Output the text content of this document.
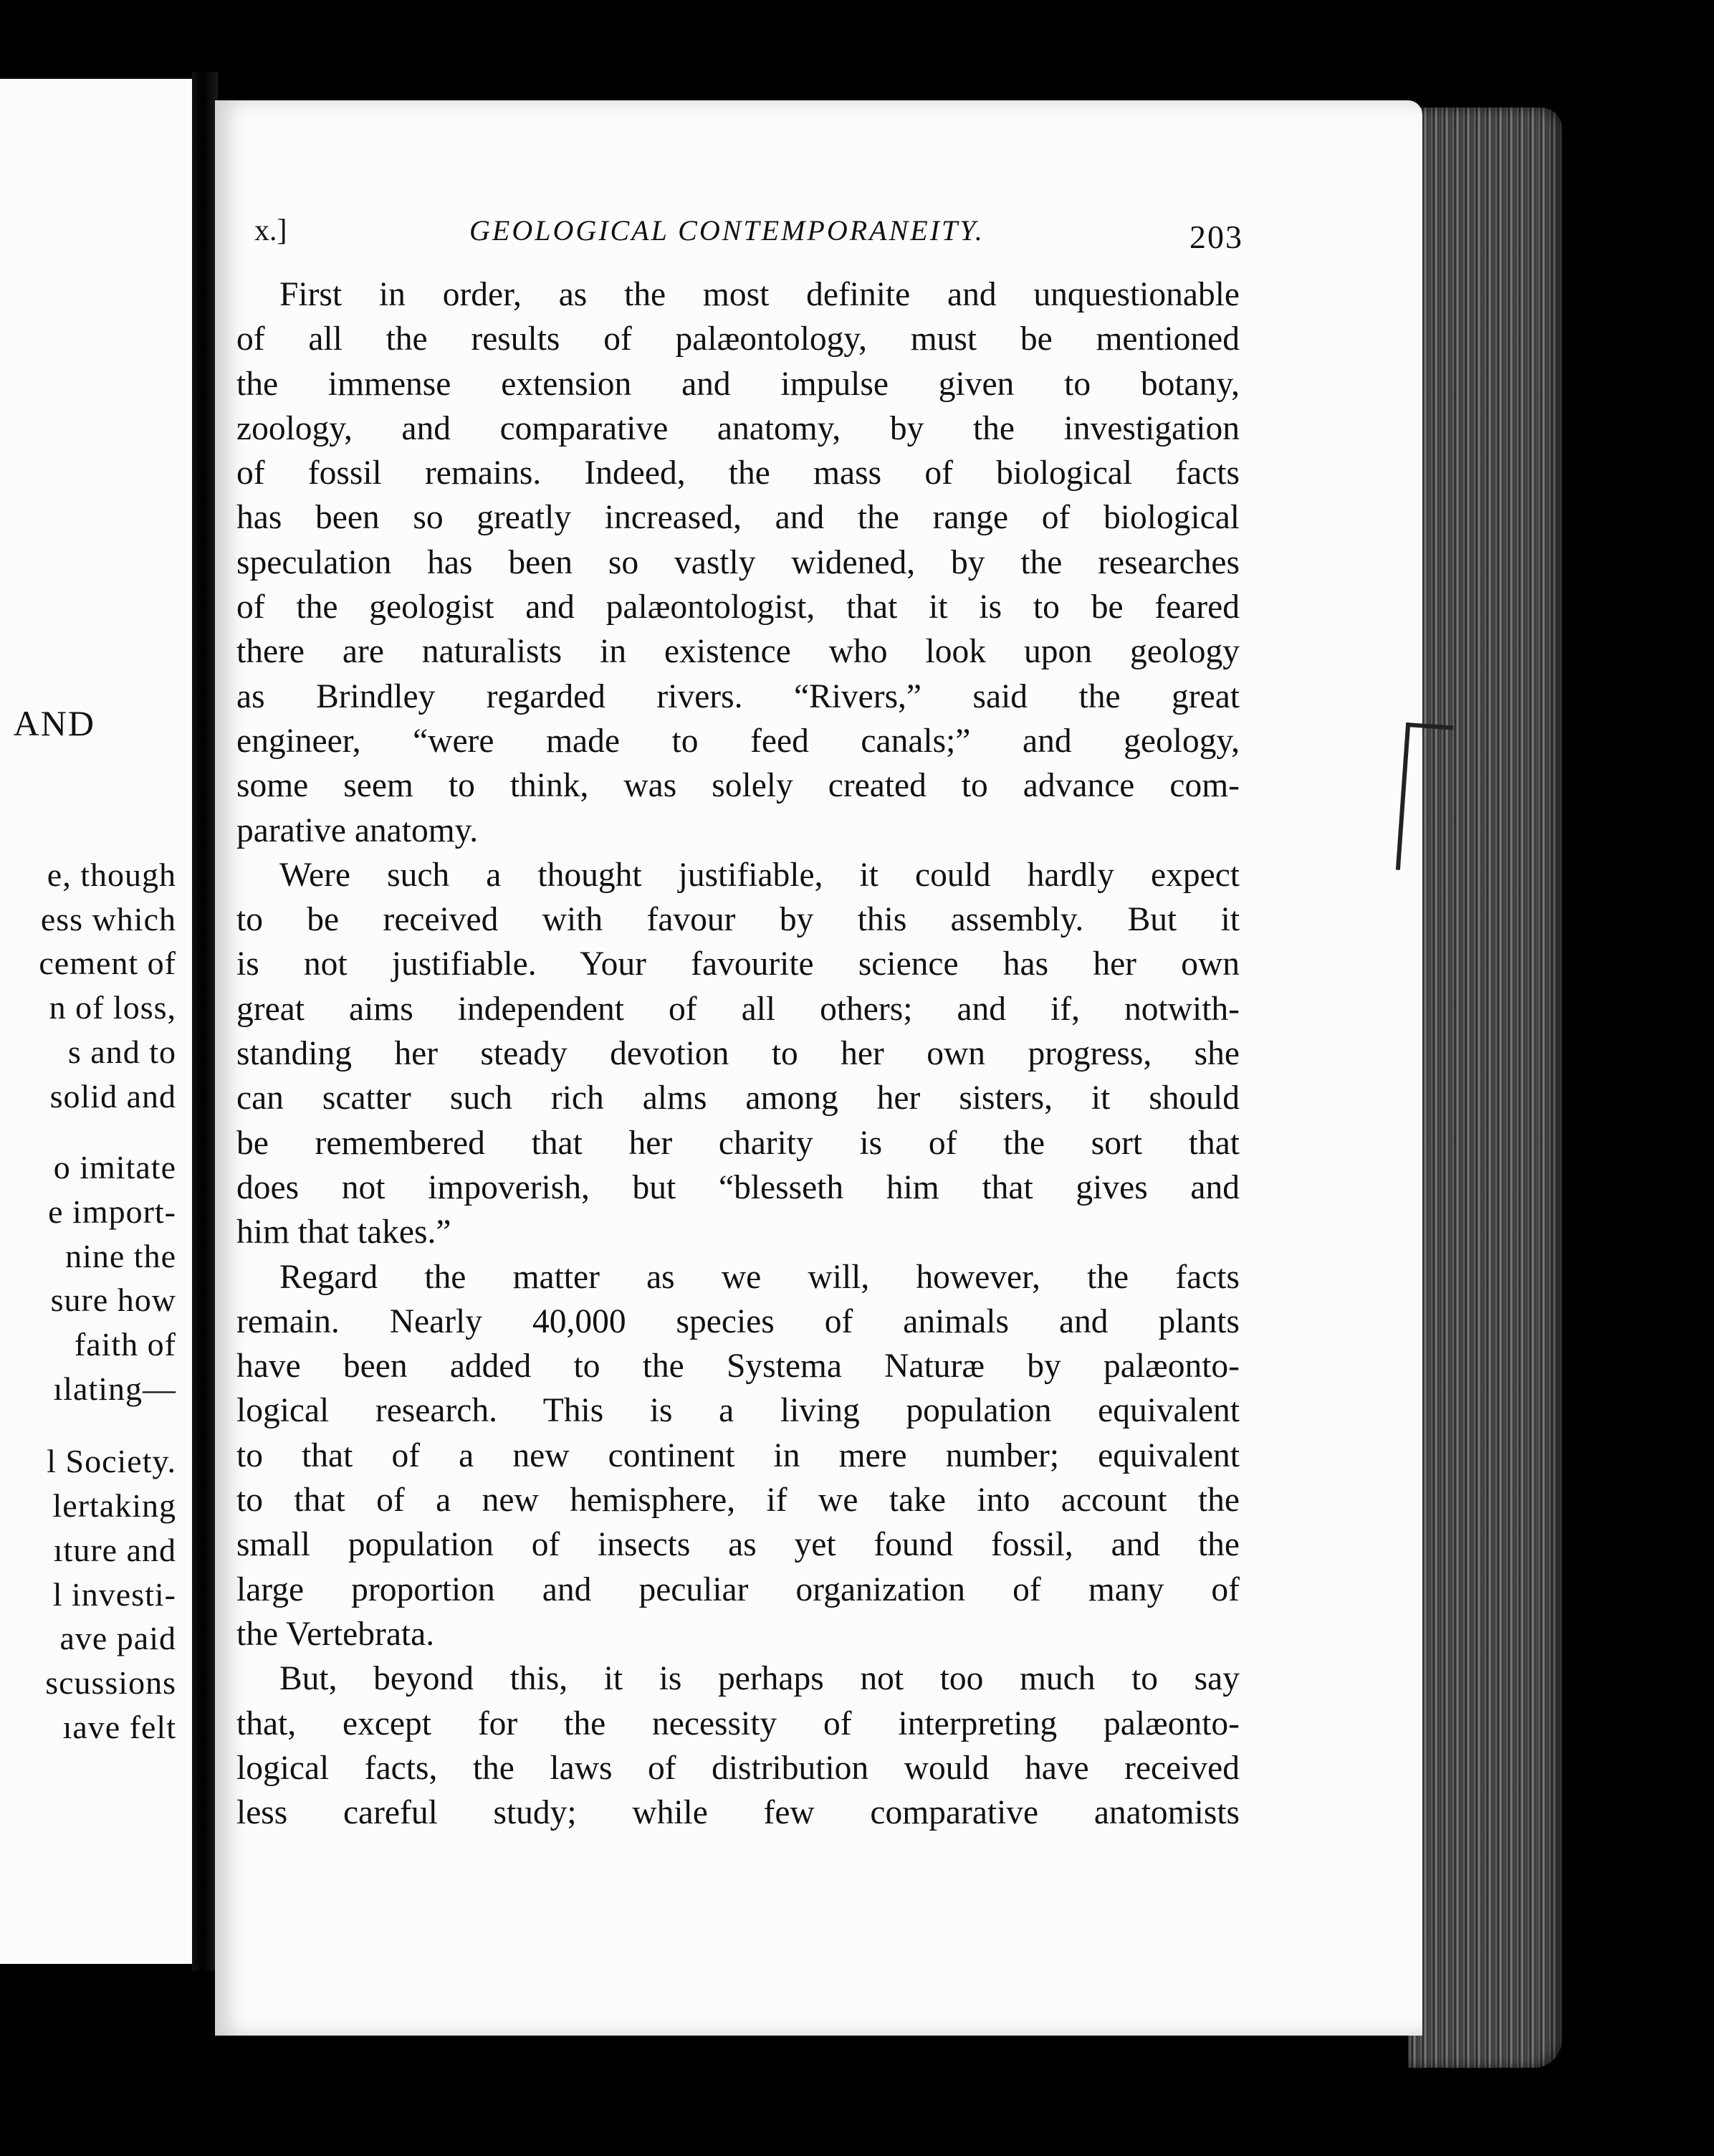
AND
e, though
ess which
cement of
n of loss,
s and to
solid and
o imitate
e import-
nine the
sure how
faith of
ılating—
l Society.
lertaking
ıture and
l investi-
ave paid
scussions
ıave felt
x.]	GEOLOGICAL CONTEMPORANEITY.	203
First in order, as the most definite and unquestionable
of all the results of palæontology, must be mentioned
the immense extension and impulse given to botany,
zoology, and comparative anatomy, by the investigation
of fossil remains. Indeed, the mass of biological facts
has been so greatly increased, and the range of biological
speculation has been so vastly widened, by the researches
of the geologist and palæontologist, that it is to be feared
there are naturalists in existence who look upon geology
as Brindley regarded rivers. “Rivers,” said the great
engineer, “were made to feed canals;” and geology,
some seem to think, was solely created to advance com-
parative anatomy.
Were such a thought justifiable, it could hardly expect
to be received with favour by this assembly. But it
is not justifiable. Your favourite science has her own
great aims independent of all others; and if, notwith-
standing her steady devotion to her own progress, she
can scatter such rich alms among her sisters, it should
be remembered that her charity is of the sort that
does not impoverish, but “blesseth him that gives and
him that takes.”
Regard the matter as we will, however, the facts
remain. Nearly 40,000 species of animals and plants
have been added to the Systema Naturæ by palæonto-
logical research. This is a living population equivalent
to that of a new continent in mere number; equivalent
to that of a new hemisphere, if we take into account the
small population of insects as yet found fossil, and the
large proportion and peculiar organization of many of
the Vertebrata.
But, beyond this, it is perhaps not too much to say
that, except for the necessity of interpreting palæonto-
logical facts, the laws of distribution would have received
less careful study; while few comparative anatomists
